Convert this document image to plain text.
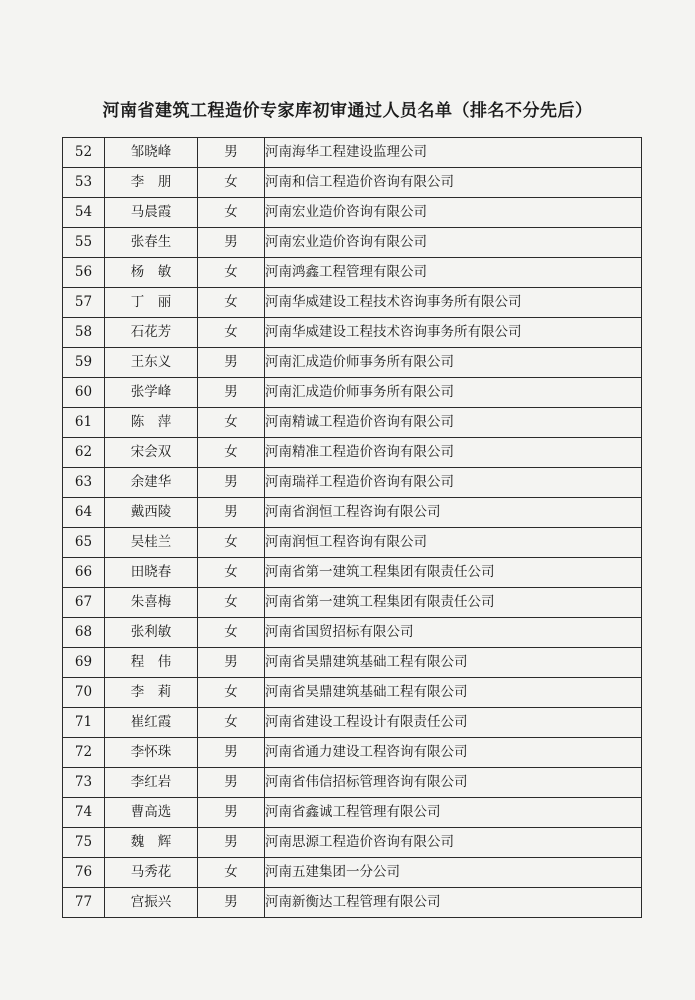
河南省建筑工程造价专家库初审通过人员名单（排名不分先后）
52	邹晓峰	男	河南海华工程建设监理公司
53	李　朋	女	河南和信工程造价咨询有限公司
54	马晨霞	女	河南宏业造价咨询有限公司
55	张春生	男	河南宏业造价咨询有限公司
56	杨　敏	女	河南鸿鑫工程管理有限公司
57	丁　丽	女	河南华威建设工程技术咨询事务所有限公司
58	石花芳	女	河南华威建设工程技术咨询事务所有限公司
59	王东义	男	河南汇成造价师事务所有限公司
60	张学峰	男	河南汇成造价师事务所有限公司
61	陈　萍	女	河南精诚工程造价咨询有限公司
62	宋会双	女	河南精准工程造价咨询有限公司
63	余建华	男	河南瑞祥工程造价咨询有限公司
64	戴西陵	男	河南省润恒工程咨询有限公司
65	吴桂兰	女	河南润恒工程咨询有限公司
66	田晓春	女	河南省第一建筑工程集团有限责任公司
67	朱喜梅	女	河南省第一建筑工程集团有限责任公司
68	张利敏	女	河南省国贸招标有限公司
69	程　伟	男	河南省昊鼎建筑基础工程有限公司
70	李　莉	女	河南省昊鼎建筑基础工程有限公司
71	崔红霞	女	河南省建设工程设计有限责任公司
72	李怀珠	男	河南省通力建设工程咨询有限公司
73	李红岩	男	河南省伟信招标管理咨询有限公司
74	曹高选	男	河南省鑫诚工程管理有限公司
75	魏　辉	男	河南思源工程造价咨询有限公司
76	马秀花	女	河南五建集团一分公司
77	宫振兴	男	河南新衡达工程管理有限公司
